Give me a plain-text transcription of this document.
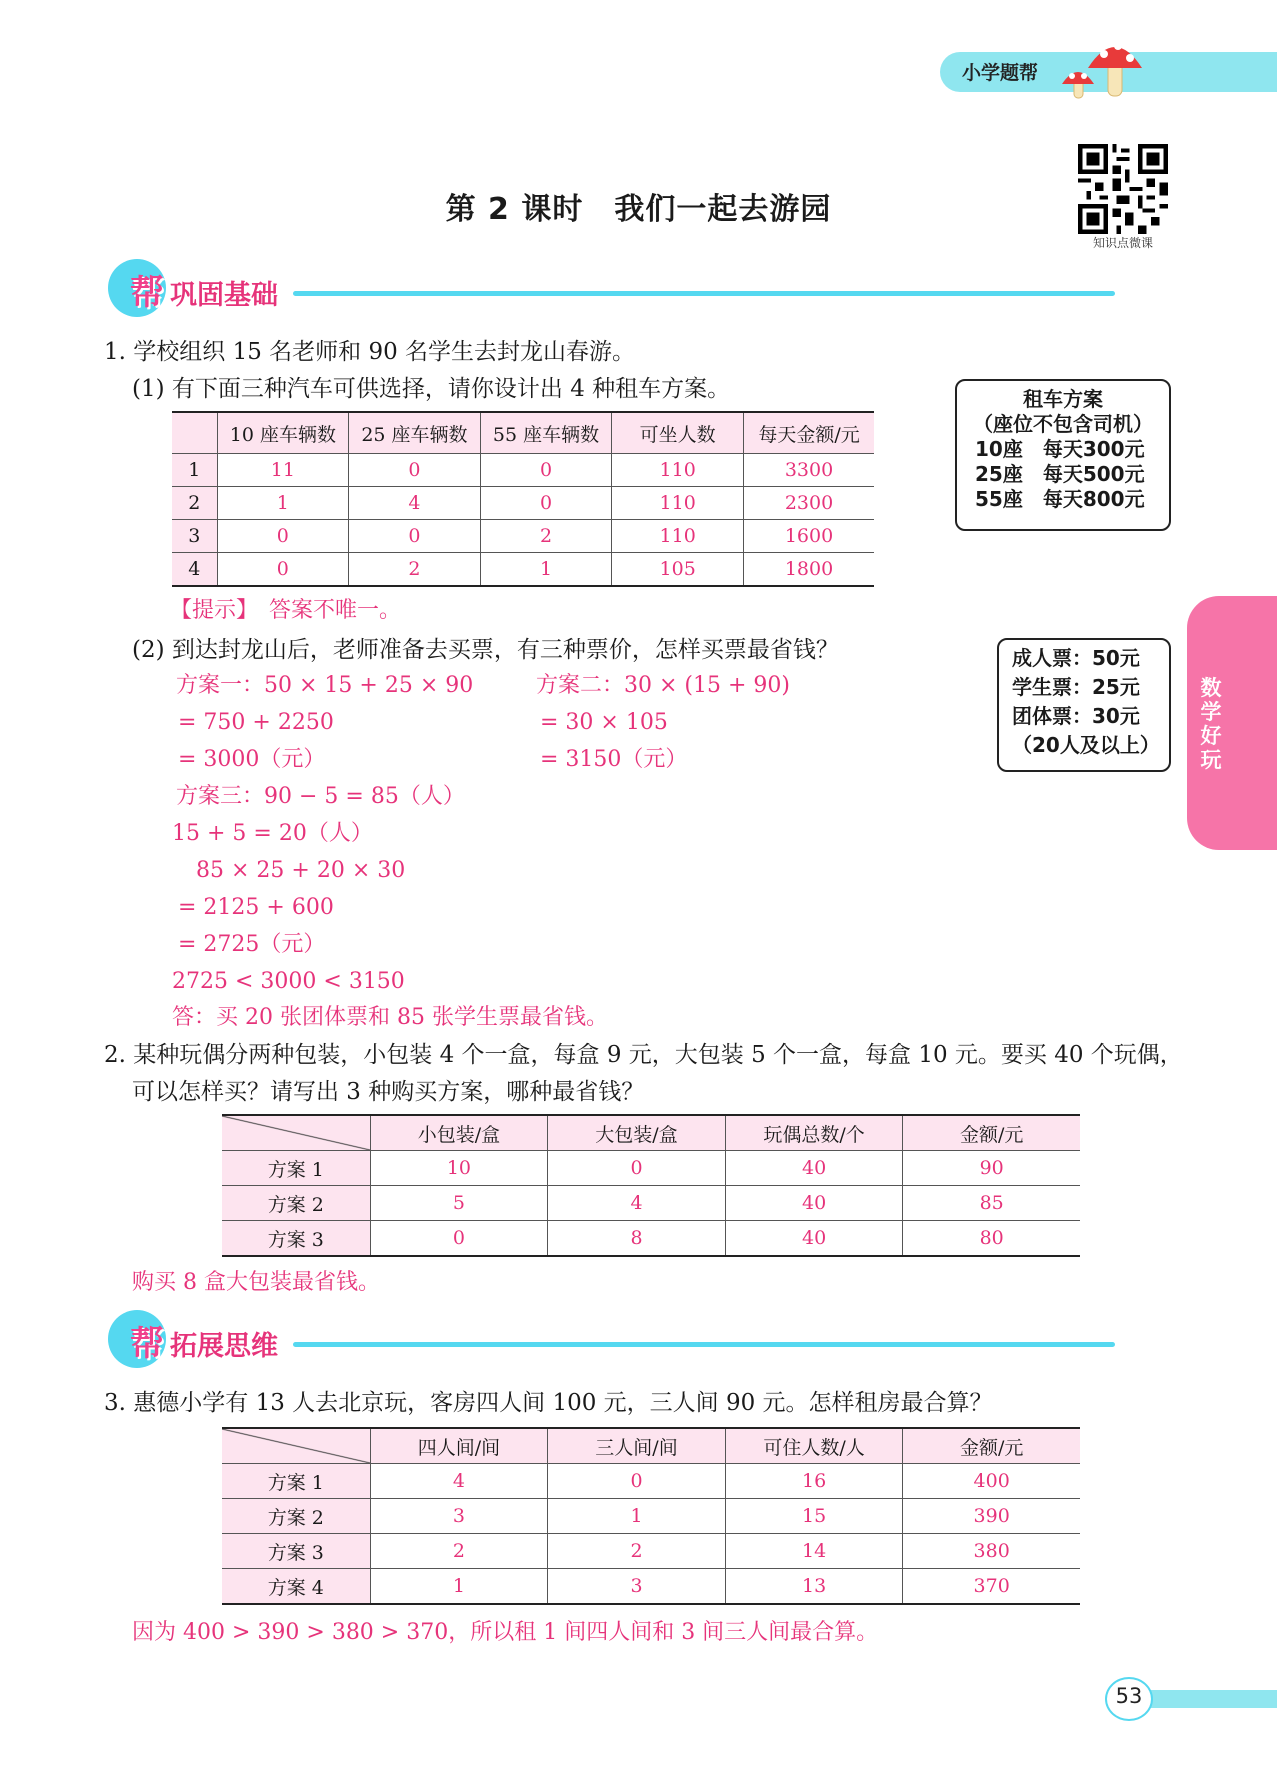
小学题帮
第 2 课时　我们一起去游园
知识点微课
帮 巩固基础
1. 学校组织 15 名老师和 90 名学生去封龙山春游。
(1) 有下面三种汽车可供选择，请你设计出 4 种租车方案。
	10 座车辆数	25 座车辆数	55 座车辆数	可坐人数	每天金额/元
1	11	0	0	110	3300
2	1	4	0	110	2300
3	0	0	2	110	1600
4	0	2	1	105	1800
租车方案
（座位不包含司机）
10座　每天300元
25座　每天500元
55座　每天800元
【提示】　答案不唯一。
(2) 到达封龙山后，老师准备去买票，有三种票价，怎样买票最省钱？	成人票：50元
学生票：25元
团体票：30元
（20人及以上）
方案一：50 × 15 + 25 × 90
= 750 + 2250
= 3000（元）
方案二：30 × (15 + 90)
= 30 × 105
= 3150（元）
方案三：90 − 5 = 85（人）
15 + 5 = 20（人）
85 × 25 + 20 × 30
= 2125 + 600
= 2725（元）
2725 < 3000 < 3150
答：买 20 张团体票和 85 张学生票最省钱。
数学好玩
2. 某种玩偶分两种包装，小包装 4 个一盒，每盒 9 元，大包装 5 个一盒，每盒 10 元。要买 40 个玩偶，
可以怎样买？请写出 3 种购买方案，哪种最省钱？
	小包装/盒	大包装/盒	玩偶总数/个	金额/元
方案 1	10	0	40	90
方案 2	5	4	40	85
方案 3	0	8	40	80
购买 8 盒大包装最省钱。
帮 拓展思维
3. 惠德小学有 13 人去北京玩，客房四人间 100 元，三人间 90 元。怎样租房最合算？
	四人间/间	三人间/间	可住人数/人	金额/元
方案 1	4	0	16	400
方案 2	3	1	15	390
方案 3	2	2	14	380
方案 4	1	3	13	370
因为 400 > 390 > 380 > 370，所以租 1 间四人间和 3 间三人间最合算。
53
